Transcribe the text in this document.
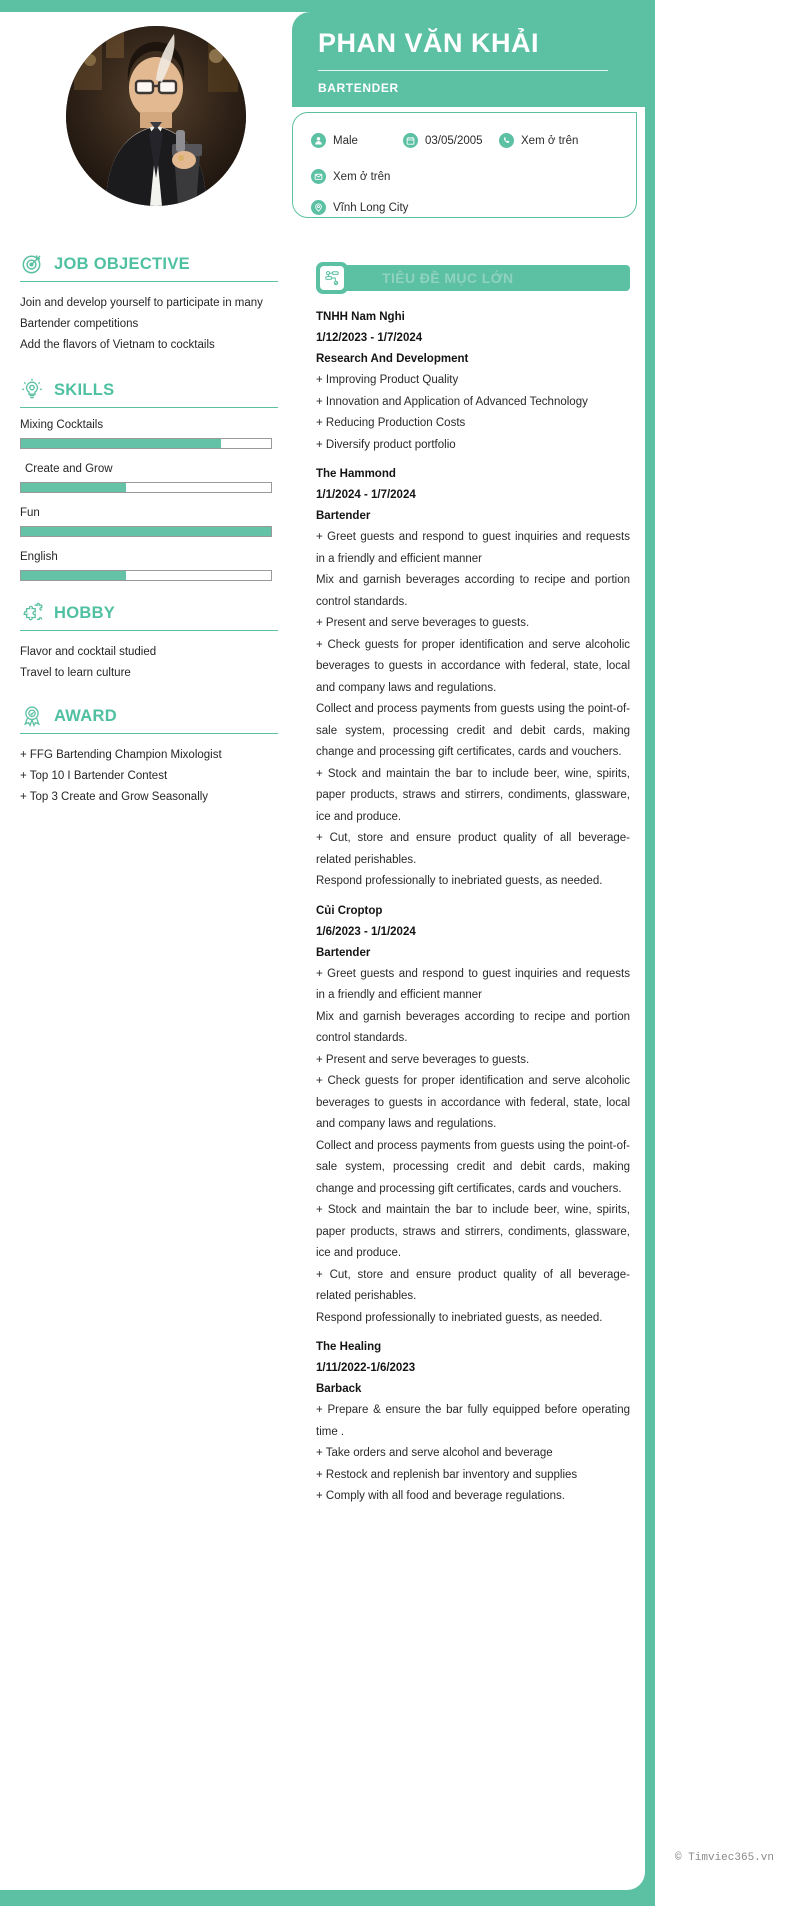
PHAN VĂN KHẢI
BARTENDER
Male	03/05/2005	Xem ở trên
Xem ở trên
Vĩnh Long City
JOB OBJECTIVE
Join and develop yourself to participate in many
Bartender competitions
Add the flavors of Vietnam to cocktails
SKILLS
Mixing Cocktails
Create and Grow
Fun
English
HOBBY
Flavor and cocktail studied
Travel to learn culture
AWARD
+ FFG Bartending Champion Mixologist
+ Top 10 I Bartender Contest
+ Top 3 Create and Grow Seasonally
TIÊU ĐỀ MỤC LỚN
TNHH Nam Nghi
1/12/2023 - 1/7/2024
Research And Development
+ Improving Product Quality
+ Innovation and Application of Advanced Technology
+ Reducing Production Costs
+ Diversify product portfolio
The Hammond
1/1/2024 - 1/7/2024
Bartender
+ Greet guests and respond to guest inquiries and requests in a friendly and efficient manner
Mix and garnish beverages according to recipe and portion control standards.
+ Present and serve beverages to guests.
+ Check guests for proper identification and serve alcoholic beverages to guests in accordance with federal, state, local and company laws and regulations.
Collect and process payments from guests using the point-of-sale system, processing credit and debit cards, making change and processing gift certificates, cards and vouchers.
+ Stock and maintain the bar to include beer, wine, spirits, paper products, straws and stirrers, condiments, glassware, ice and produce.
+ Cut, store and ensure product quality of all beverage-related perishables.
Respond professionally to inebriated guests, as needed.
Củi Croptop
1/6/2023 - 1/1/2024
Bartender
+ Greet guests and respond to guest inquiries and requests in a friendly and efficient manner
Mix and garnish beverages according to recipe and portion control standards.
+ Present and serve beverages to guests.
+ Check guests for proper identification and serve alcoholic beverages to guests in accordance with federal, state, local and company laws and regulations.
Collect and process payments from guests using the point-of-sale system, processing credit and debit cards, making change and processing gift certificates, cards and vouchers.
+ Stock and maintain the bar to include beer, wine, spirits, paper products, straws and stirrers, condiments, glassware, ice and produce.
+ Cut, store and ensure product quality of all beverage-related perishables.
Respond professionally to inebriated guests, as needed.
The Healing
1/11/2022-1/6/2023
Barback
+ Prepare & ensure the bar fully equipped before operating time .
+ Take orders and serve alcohol and beverage
+ Restock and replenish bar inventory and supplies
+ Comply with all food and beverage regulations.
© Timviec365.vn
